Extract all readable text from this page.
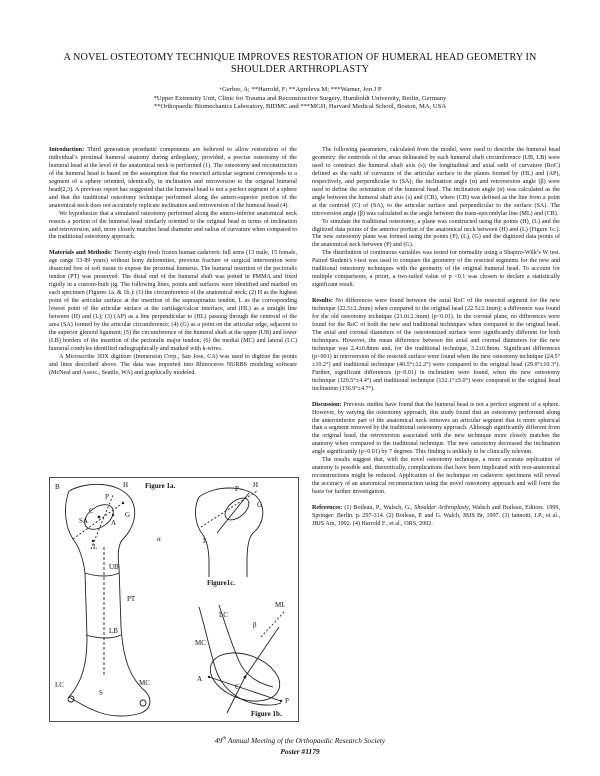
A NOVEL OSTEOTOMY TECHNIQUE IMPROVES RESTORATION OF HUMERAL HEAD GEOMETRY IN
SHOULDER ARTHROPLASTY
+Gerber, A; **Harrold, F; **Apreleva M; ***Warner, Jon J P
*Upper Extremity Unit, Clinic for Trauma and Reconstructive Surgery, Humboldt University, Berlin, Germany
**Orthopaedic Biomechanics Laboratory, BIDMC and ***MGH, Harvard Medical School, Boston, MA, USA

Introduction: Third generation prosthetic components are believed to allow restoration of the individual’s proximal humeral anatomy during arthoplasty, provided, a precise osteotomy of the humeral head at the level of the anatomical neck is performed (1). The osteotomy and reconstruction of the humeral head is based on the assumption that the resected articular segment corresponds to a segment of a sphere oriented, identically, in inclination and retroversion to the original humeral head(2,3). A previous report has suggested that the humeral head is not a perfect segment of a sphere and that the traditional osteotomy technique performed along the antero-superior portion of the anatomical neck does not accurately replicate inclination and retroversion of the humeral head (4).

We hypothesize that a simulated osteotomy performed along the antero-inferior anatomical neck resects a portion of the humeral head similarly oriented to the original head in terms of inclination and retroversion, and, more closely matches head diameter and radius of curvature when compared to the traditional osteotomy approach.

Materials and Methods: Twenty-eight fresh frozen human cadaveric full arms (13 male, 15 female, age range 53-89 years) without bony deformities, previous fracture or surgical intervention were dissected free of soft tissue to expose the proximal humerus. The humeral insertion of the pectoralis tendon (PT) was preserved. The distal end of the humeral shaft was potted in PMMA and fixed rigidly in a custom-built jig. The following lines, points and surfaces were identified and marked on each specimen (Figures 1a. & 1b.): (1) the circumference of the anatomical neck; (2) H as the highest point of the articular surface at the insertion of the supraspinatus tendon, L as the corresponding lowest point of the articular surface at the cartilage/calcar interface, and (HL) as a straight line between (H) and (L); (3) (AP) as a line perpendicular to (HL) passing through the centroid of the area (SA) formed by the articular circumference; (4) (G) as a point on the articular edge, adjacent to the superior glenoid ligament; (5) the circumference of the humeral shaft at the upper (UB) and lower (LB) borders of the insertion of the pectoralis major tendon; (6) the medial (MC) and lateral (LC) humeral condyles identified radiographically and marked with k-wires.

A Microscribe 3DX digitizer (Immersion Corp., San Jose, CA) was used to digitize the points and lines described above. The data was imported into Rhinoceros NURBS modeling software (McNeal and Assoc., Seattle, WA) and graphically modeled.

Figure 1a.
Figure1c.
Figure 1b.
H
B
P
C
SA
G
A
L
UB
PT
LB
MC
LC
S
H
P
G
L
LC
ML
β
MC
A
C
P
α

The following parameters, calculated from the model, were used to describe the humeral head geometry: the centroids of the areas delineated by each humeral shaft circumference (UB, LB) were used to construct the humeral shaft axis (s); the longitudinal and axial radii of curvature (RoC) defined as the radii of curvature of the articular surface in the planes formed by (HL) and (AP), respectively, and perpendicular to (SA); the inclination angle (α) and retroversion angle (β) were used to define the orientation of the humeral head. The inclination angle (α) was calculated as the angle between the humeral shaft axis (s) and (CB), where (CB) was defined as the line from a point at the centroid (C) of (SA), to the articular surface and perpendicular to the surface (SA). The retroversion angle (β) was calculated as the angle between the trans-epicondylar line (ML) and (CB).

To simulate the traditional osteotomy, a plane was constructed using the points (H), (L) and the digitized data points of the anterior portion of the anatomical neck between (H) and (L) (Figure 1c.). The new osteotomy plane was formed using the points (P), (L), (G) and the digitized data points of the anatomical neck between (P) and (G).

The distribution of continuous variables was tested for normality using a Shapiro-Wilk’s W test. Paired Student’s t-test was used to compare the geometry of the resected segments for the new and traditional osteotomy techniques with the geometry of the original humeral head. To account for multiple comparisons, a priori, a two-tailed value of p <0.1 was chosen to declare a statistically significant result.

Results: No differences were found between the axial RoC of the resected segment for the new technique (22.5±2.2mm) when compared to the original head (22.5±2.1mm); a difference was found for the old osteotomy technique (23.0±2.3mm) (p<0.01). In the coronal plane, no differences were found for the RoC of both the new and traditional techniques when compared to the original head. The axial and coronal diameters of the osteotomized surface were significantly different for both techniques. However, the mean difference between the axial and coronal diameters for the new technique was 2.4±0.8mm and, for the traditional technique, 3.2±0.8mm. Significant differences (p<001) in retroversion of the resected surface were found when the new osteotomy technique (24.5°±10.2°) and traditional technique (40.5°±12.2°) were compared to the original head (29.0°±10.3°). Further, significant differences (p<0.01) in inclination were found, when the new osteotomy technique (129.5°±4.4°) and traditional technique (132.1°±5.0°) were compared to the original head inclination (136.9°±4.7°).

Discussion: Previous studies have found that the humeral head is not a perfect segment of a sphere. However, by varying the osteotomy approach, this study found that an osteotomy performed along the anteroinferior part of the anatomical neck removes an articular segment that is more spherical than a segment removed by the traditional osteotomy approach. Although significantly different from the original head, the retroversion associated with the new technique more closely matches the anatomy when compared to the traditional technique. The new osteotomy decreased the inclination angle significantly (p<0.01) by 7 degrees. This finding is unlikely to be clinically relevant.

The results suggest that, with the novel osteotomy technique, a more accurate replication of anatomy is possible and, theoretically, complications that have been implicated with non-anatomical reconstructions might be reduced. Application of the technique on cadaveric specimens will reveal the accuracy of an anatomical reconstruction using the novel osteotomy approach and will form the basis for further investigation.

References: (1) Boileau, P., Walsch, G., Shoulder Arthroplasty, Walsch and Boileau, Editors. 1999, Springer: Berlin. p. 297-314. (2) Boileau, P. and G. Walch, JBJS Br, 1997. (3) Iannotti, J.P., et al., JBJS Am, 1992. (4) Harrold F., et al., ORS, 2002.

49th Annual Meeting of the Orthopaedic Research Society
Poster #1179
